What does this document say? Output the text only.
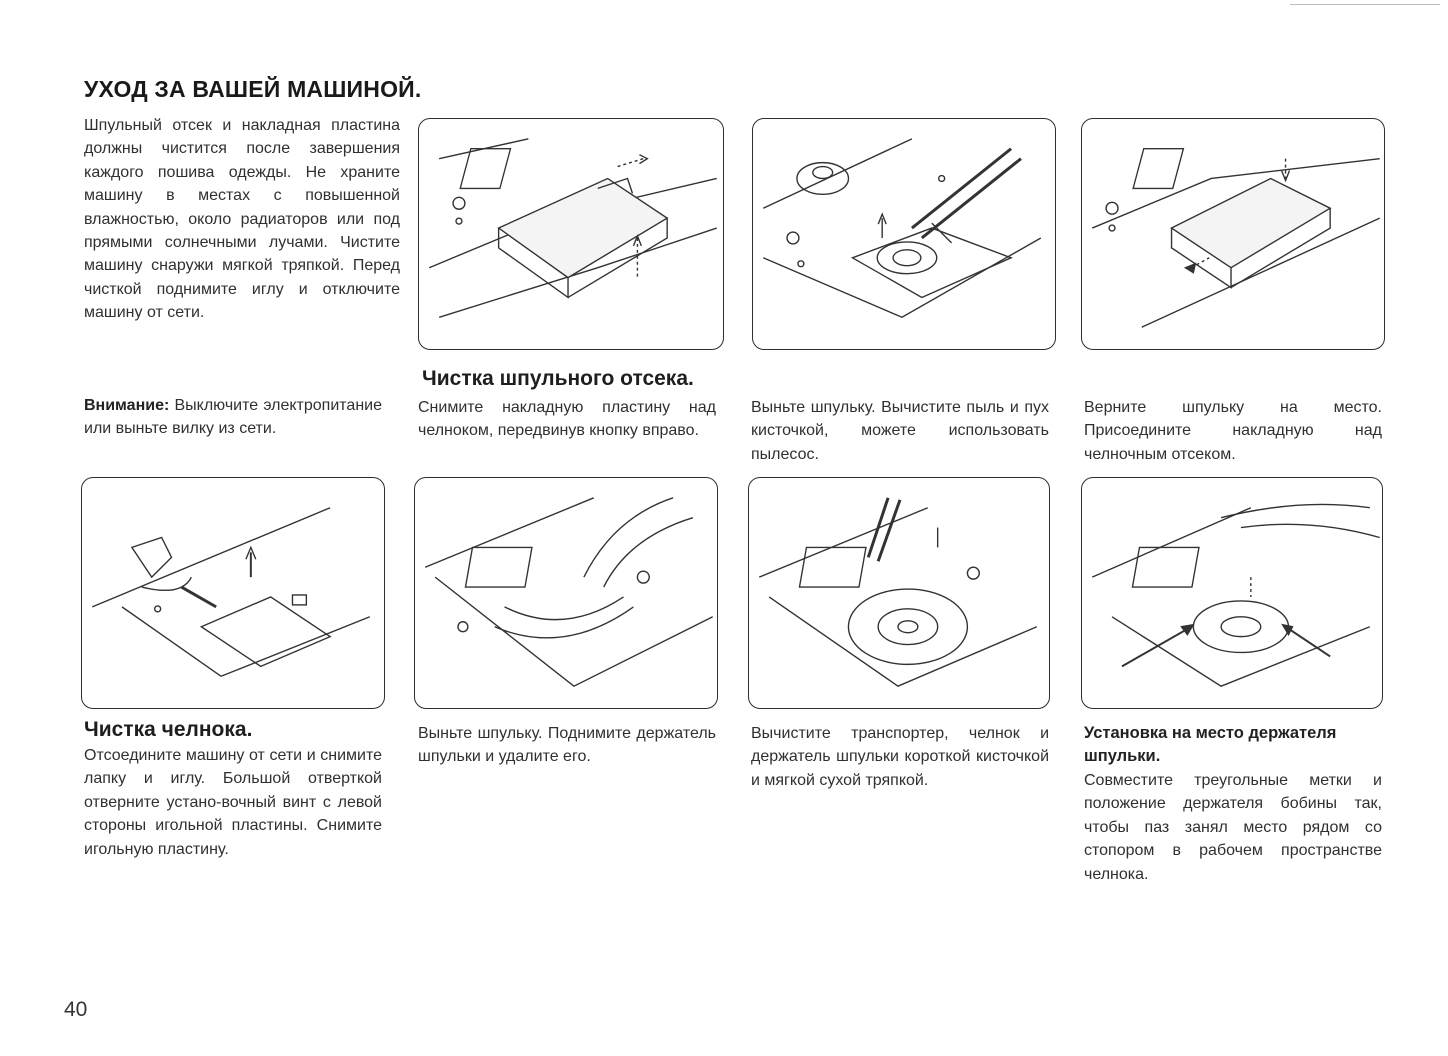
УХОД ЗА ВАШЕЙ МАШИНОЙ.
Шпульный отсек и накладная пластина должны чистится после завершения каждого пошива одежды. Не храните машину в местах с повышенной влажностью, около радиаторов или под прямыми солнечными лучами. Чистите машину снаружи мягкой тряпкой. Перед чисткой поднимите иглу и отключите машину от сети.
Внимание: Выключите электропитание или выньте вилку из сети.
Чистка шпульного отсека.
Снимите накладную пластину над челноком, передвинув кнопку вправо.
Выньте шпульку. Вычистите пыль и пух кисточкой, можете использовать пылесос.
Верните шпульку на место. Присоедините накладную над челночным отсеком.
Чистка челнока.
Отсоедините машину от сети и снимите лапку и иглу. Большой отверткой отверните устано-вочный винт с левой стороны игольной пластины. Снимите игольную пластину.
Выньте шпульку. Поднимите держатель шпульки и удалите его.
Вычистите транспортер, челнок и держатель шпульки короткой кисточкой и мягкой сухой тряпкой.
Установка на место держателя шпульки.
Совместите треугольные метки и положение держателя бобины так, чтобы паз занял место рядом со стопором в рабочем пространстве челнока.
40
